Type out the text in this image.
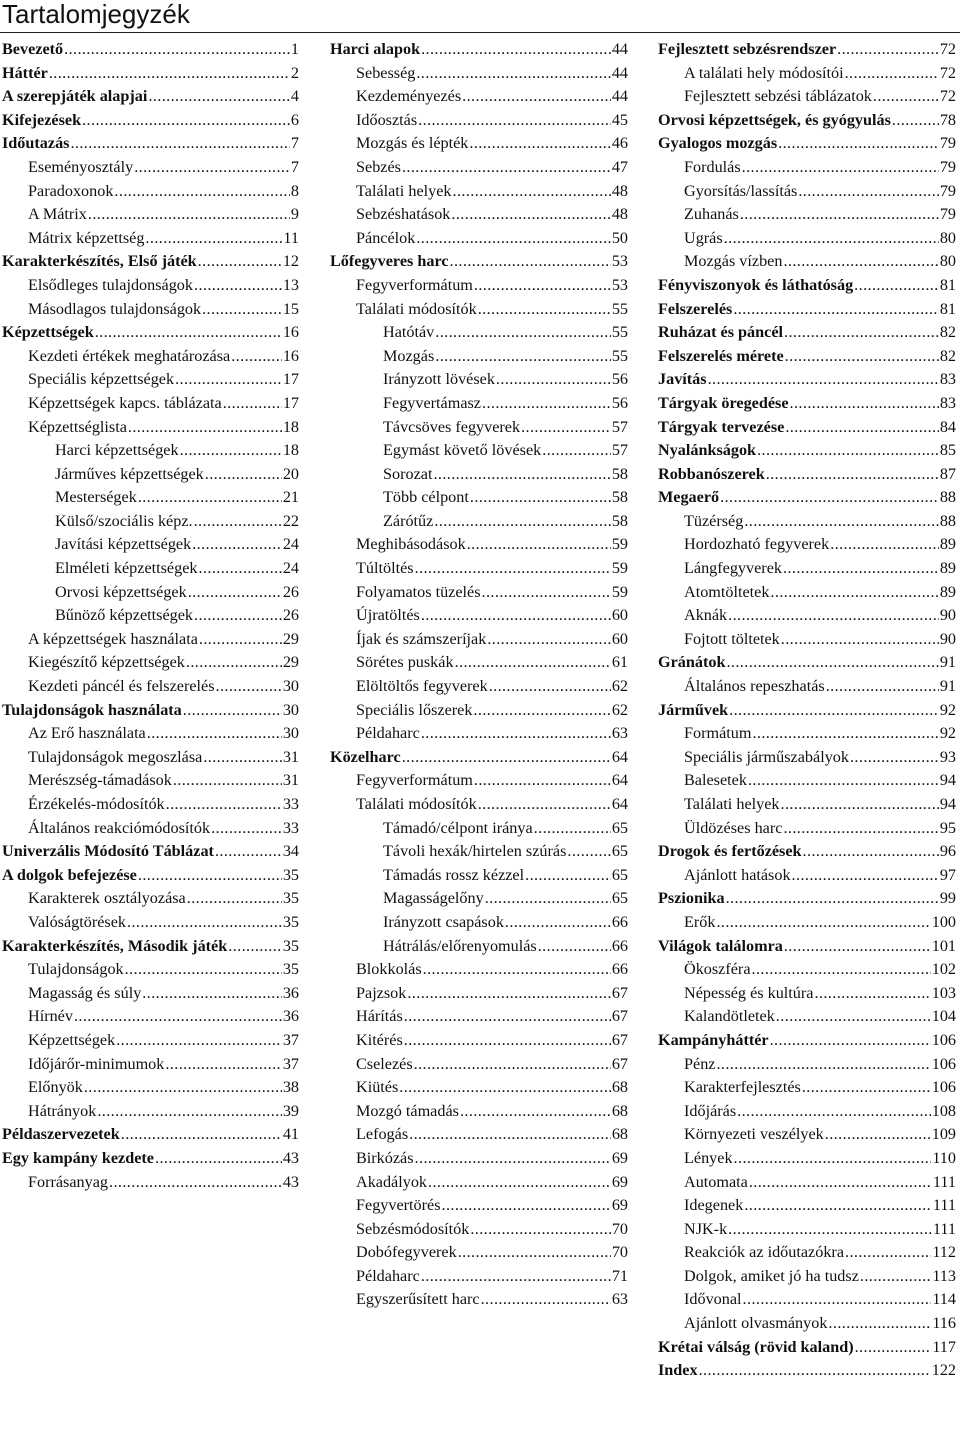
Tartalomjegyzék
Bevezető .....	1
Háttér .....	2
A szerepjáték alapjai .....	4
Kifejezések .....	6
Időutazás .....	7
Eseményosztály .....	7
Paradoxonok .....	8
A Mátrix .....	9
Mátrix képzettség .....	11
Karakterkészítés, Első játék .....	12
Elsődleges tulajdonságok .....	13
Másodlagos tulajdonságok .....	15
Képzettségek .....	16
Kezdeti értékek meghatározása .....	16
Speciális képzettségek .....	17
Képzettségek kapcs. táblázata .....	17
Képzettséglista .....	18
Harci képzettségek .....	18
Járműves képzettségek .....	20
Mesterségek .....	21
Külső/szociális képz. .....	22
Javítási képzettségek .....	24
Elméleti képzettségek .....	24
Orvosi képzettségek .....	26
Bűnöző képzettségek .....	26
A képzettségek használata .....	29
Kiegészítő képzettségek .....	29
Kezdeti páncél és felszerelés .....	30
Tulajdonságok használata .....	30
Az Erő használata .....	30
Tulajdonságok megoszlása .....	31
Merészség-támadások .....	31
Érzékelés-módosítók .....	33
Általános reakciómódosítók .....	33
Univerzális Módosító Táblázat .....	34
A dolgok befejezése .....	35
Karakterek osztályozása .....	35
Valóságtörések .....	35
Karakterkészítés, Második játék .....	35
Tulajdonságok .....	35
Magasság és súly .....	36
Hírnév .....	36
Képzettségek .....	37
Időjárőr-minimumok .....	37
Előnyök .....	38
Hátrányok .....	39
Példaszervezetek .....	41
Egy kampány kezdete .....	43
Forrásanyag .....	43
Harci alapok .....	44
Sebesség .....	44
Kezdeményezés .....	44
Időosztás .....	45
Mozgás és lépték .....	46
Sebzés .....	47
Találati helyek .....	48
Sebzéshatások .....	48
Páncélok .....	50
Lőfegyveres harc .....	53
Fegyverformátum .....	53
Találati módosítók .....	55
Hatótáv .....	55
Mozgás .....	55
Irányzott lövések .....	56
Fegyvertámasz .....	56
Távcsöves fegyverek .....	57
Egymást követő lövések .....	57
Sorozat .....	58
Több célpont .....	58
Zárótűz .....	58
Meghibásodások .....	59
Túltöltés .....	59
Folyamatos tüzelés .....	59
Újratöltés .....	60
Íjak és számszeríjak .....	60
Sörétes puskák .....	61
Elöltöltős fegyverek .....	62
Speciális lőszerek .....	62
Példaharc .....	63
Közelharc .....	64
Fegyverformátum .....	64
Találati módosítók .....	64
Támadó/célpont iránya .....	65
Távoli hexák/hirtelen szúrás .....	65
Támadás rossz kézzel .....	65
Magasságelőny .....	65
Irányzott csapások .....	66
Hátrálás/előrenyomulás .....	66
Blokkolás .....	66
Pajzsok .....	67
Hárítás .....	67
Kitérés .....	67
Cselezés .....	67
Kiütés .....	68
Mozgó támadás .....	68
Lefogás .....	68
Birkózás .....	69
Akadályok .....	69
Fegyvertörés .....	69
Sebzésmódosítók .....	70
Dobófegyverek .....	70
Példaharc .....	71
Egyszerűsített harc .....	63
Fejlesztett sebzésrendszer .....	72
A találati hely módosítói .....	72
Fejlesztett sebzési táblázatok .....	72
Orvosi képzettségek, és gyógyulás .....	78
Gyalogos mozgás .....	79
Fordulás .....	79
Gyorsítás/lassítás .....	79
Zuhanás .....	79
Ugrás .....	80
Mozgás vízben .....	80
Fényviszonyok és láthatóság .....	81
Felszerelés .....	81
Ruházat és páncél .....	82
Felszerelés mérete .....	82
Javítás .....	83
Tárgyak öregedése .....	83
Tárgyak tervezése .....	84
Nyalánkságok .....	85
Robbanószerek .....	87
Megaerő .....	88
Tüzérség .....	88
Hordozható fegyverek .....	89
Lángfegyverek .....	89
Atomtöltetek .....	89
Aknák .....	90
Fojtott töltetek .....	90
Gránátok .....	91
Általános repeszhatás .....	91
Járművek .....	92
Formátum .....	92
Speciális járműszabályok .....	93
Balesetek .....	94
Találati helyek .....	94
Üldözéses harc .....	95
Drogok és fertőzések .....	96
Ajánlott hatások .....	97
Pszionika .....	99
Erők .....	100
Világok találomra .....	101
Ökoszféra .....	102
Népesség és kultúra .....	103
Kalandötletek .....	104
Kampányháttér .....	106
Pénz .....	106
Karakterfejlesztés .....	106
Időjárás .....	108
Környezeti veszélyek .....	109
Lények .....	110
Automata .....	111
Idegenek .....	111
NJK-k .....	111
Reakciók az időutazókra .....	112
Dolgok, amiket jó ha tudsz .....	113
Idővonal .....	114
Ajánlott olvasmányok .....	116
Krétai válság (rövid kaland) .....	117
Index .....	122
